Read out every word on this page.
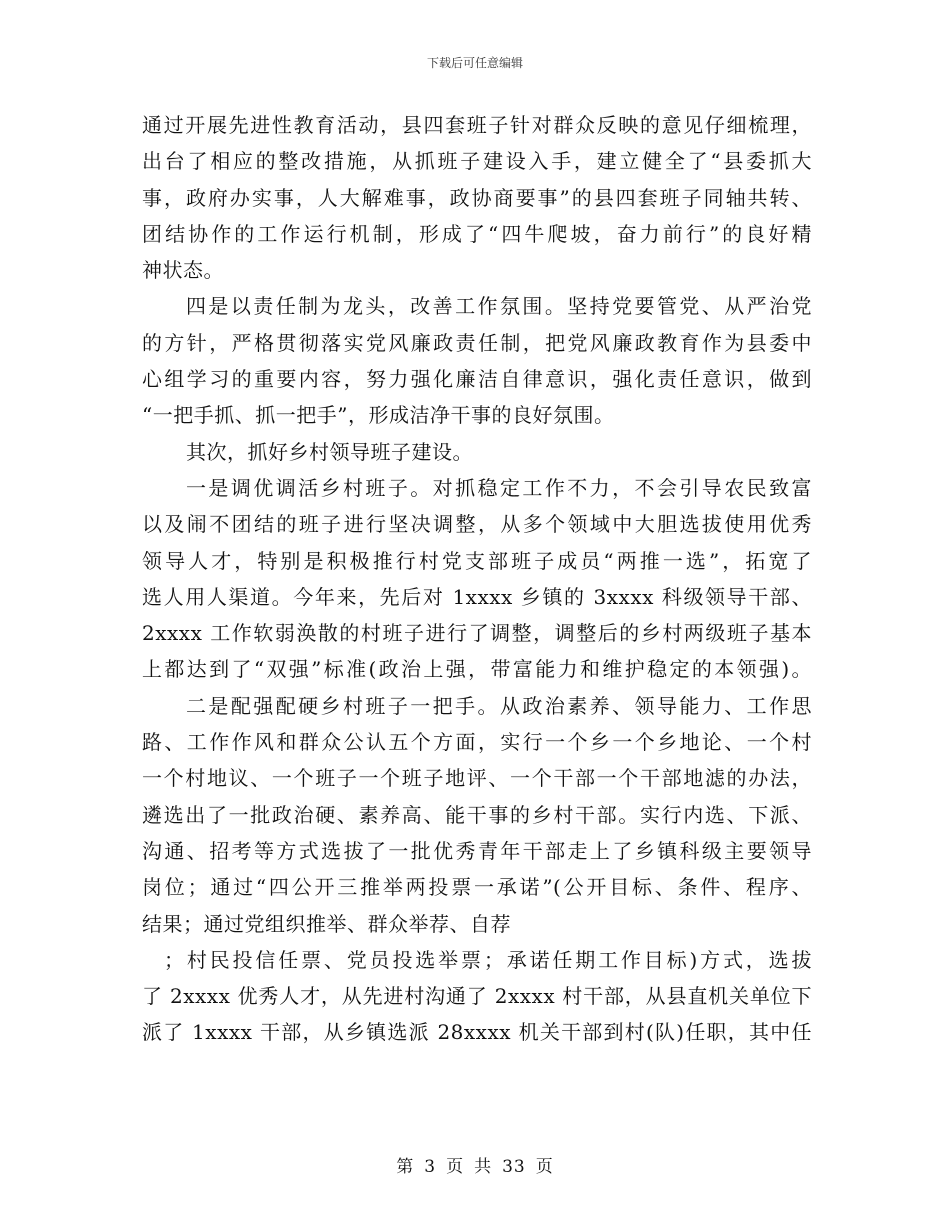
下载后可任意编辑
通过开展先进性教育活动，县四套班子针对群众反映的意见仔细梳理，
出台了相应的整改措施，从抓班子建设入手，建立健全了“县委抓大
事，政府办实事，人大解难事，政协商要事”的县四套班子同轴共转、
团结协作的工作运行机制，形成了“四牛爬坡，奋力前行”的良好精
神状态。
四是以责任制为龙头，改善工作氛围。坚持党要管党、从严治党
的方针，严格贯彻落实党风廉政责任制，把党风廉政教育作为县委中
心组学习的重要内容，努力强化廉洁自律意识，强化责任意识，做到
“一把手抓、抓一把手”，形成洁净干事的良好氛围。
其次，抓好乡村领导班子建设。
一是调优调活乡村班子。对抓稳定工作不力，不会引导农民致富
以及闹不团结的班子进行坚决调整，从多个领域中大胆选拔使用优秀
领导人才，特别是积极推行村党支部班子成员“两推一选”，拓宽了
选人用人渠道。今年来，先后对 1xxxx 乡镇的 3xxxx 科级领导干部、
2xxxx 工作软弱涣散的村班子进行了调整，调整后的乡村两级班子基本
上都达到了“双强”标准(政治上强，带富能力和维护稳定的本领强)。
二是配强配硬乡村班子一把手。从政治素养、领导能力、工作思
路、工作作风和群众公认五个方面，实行一个乡一个乡地论、一个村
一个村地议、一个班子一个班子地评、一个干部一个干部地滤的办法，
遴选出了一批政治硬、素养高、能干事的乡村干部。实行内选、下派、
沟通、招考等方式选拔了一批优秀青年干部走上了乡镇科级主要领导
岗位；通过“四公开三推举两投票一承诺”(公开目标、条件、程序、
结果；通过党组织推举、群众举荐、自荐
；村民投信任票、党员投选举票；承诺任期工作目标)方式，选拔
了 2xxxx 优秀人才，从先进村沟通了 2xxxx 村干部，从县直机关单位下
派了 1xxxx 干部，从乡镇选派 28xxxx 机关干部到村(队)任职，其中任
第 3 页 共 33 页
